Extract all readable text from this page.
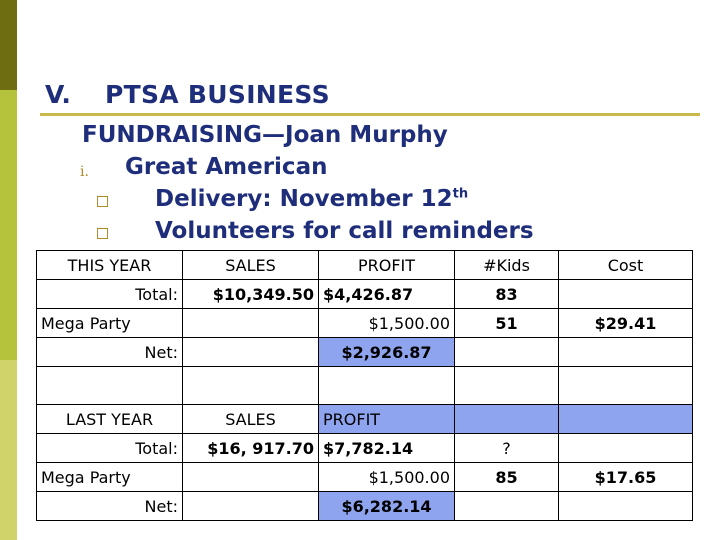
V. PTSA BUSINESS
FUNDRAISING—Joan Murphy
i. Great American
Delivery: November 12th
Volunteers for call reminders
THIS YEAR	SALES	PROFIT	#Kids	Cost
Total:	$10,349.50	$4,426.87	83	
Mega Party		$1,500.00	51	$29.41
Net:		$2,926.87		

LAST YEAR	SALES	PROFIT		
Total:	$16, 917.70	$7,782.14	?	
Mega Party		$1,500.00	85	$17.65
Net:		$6,282.14		
